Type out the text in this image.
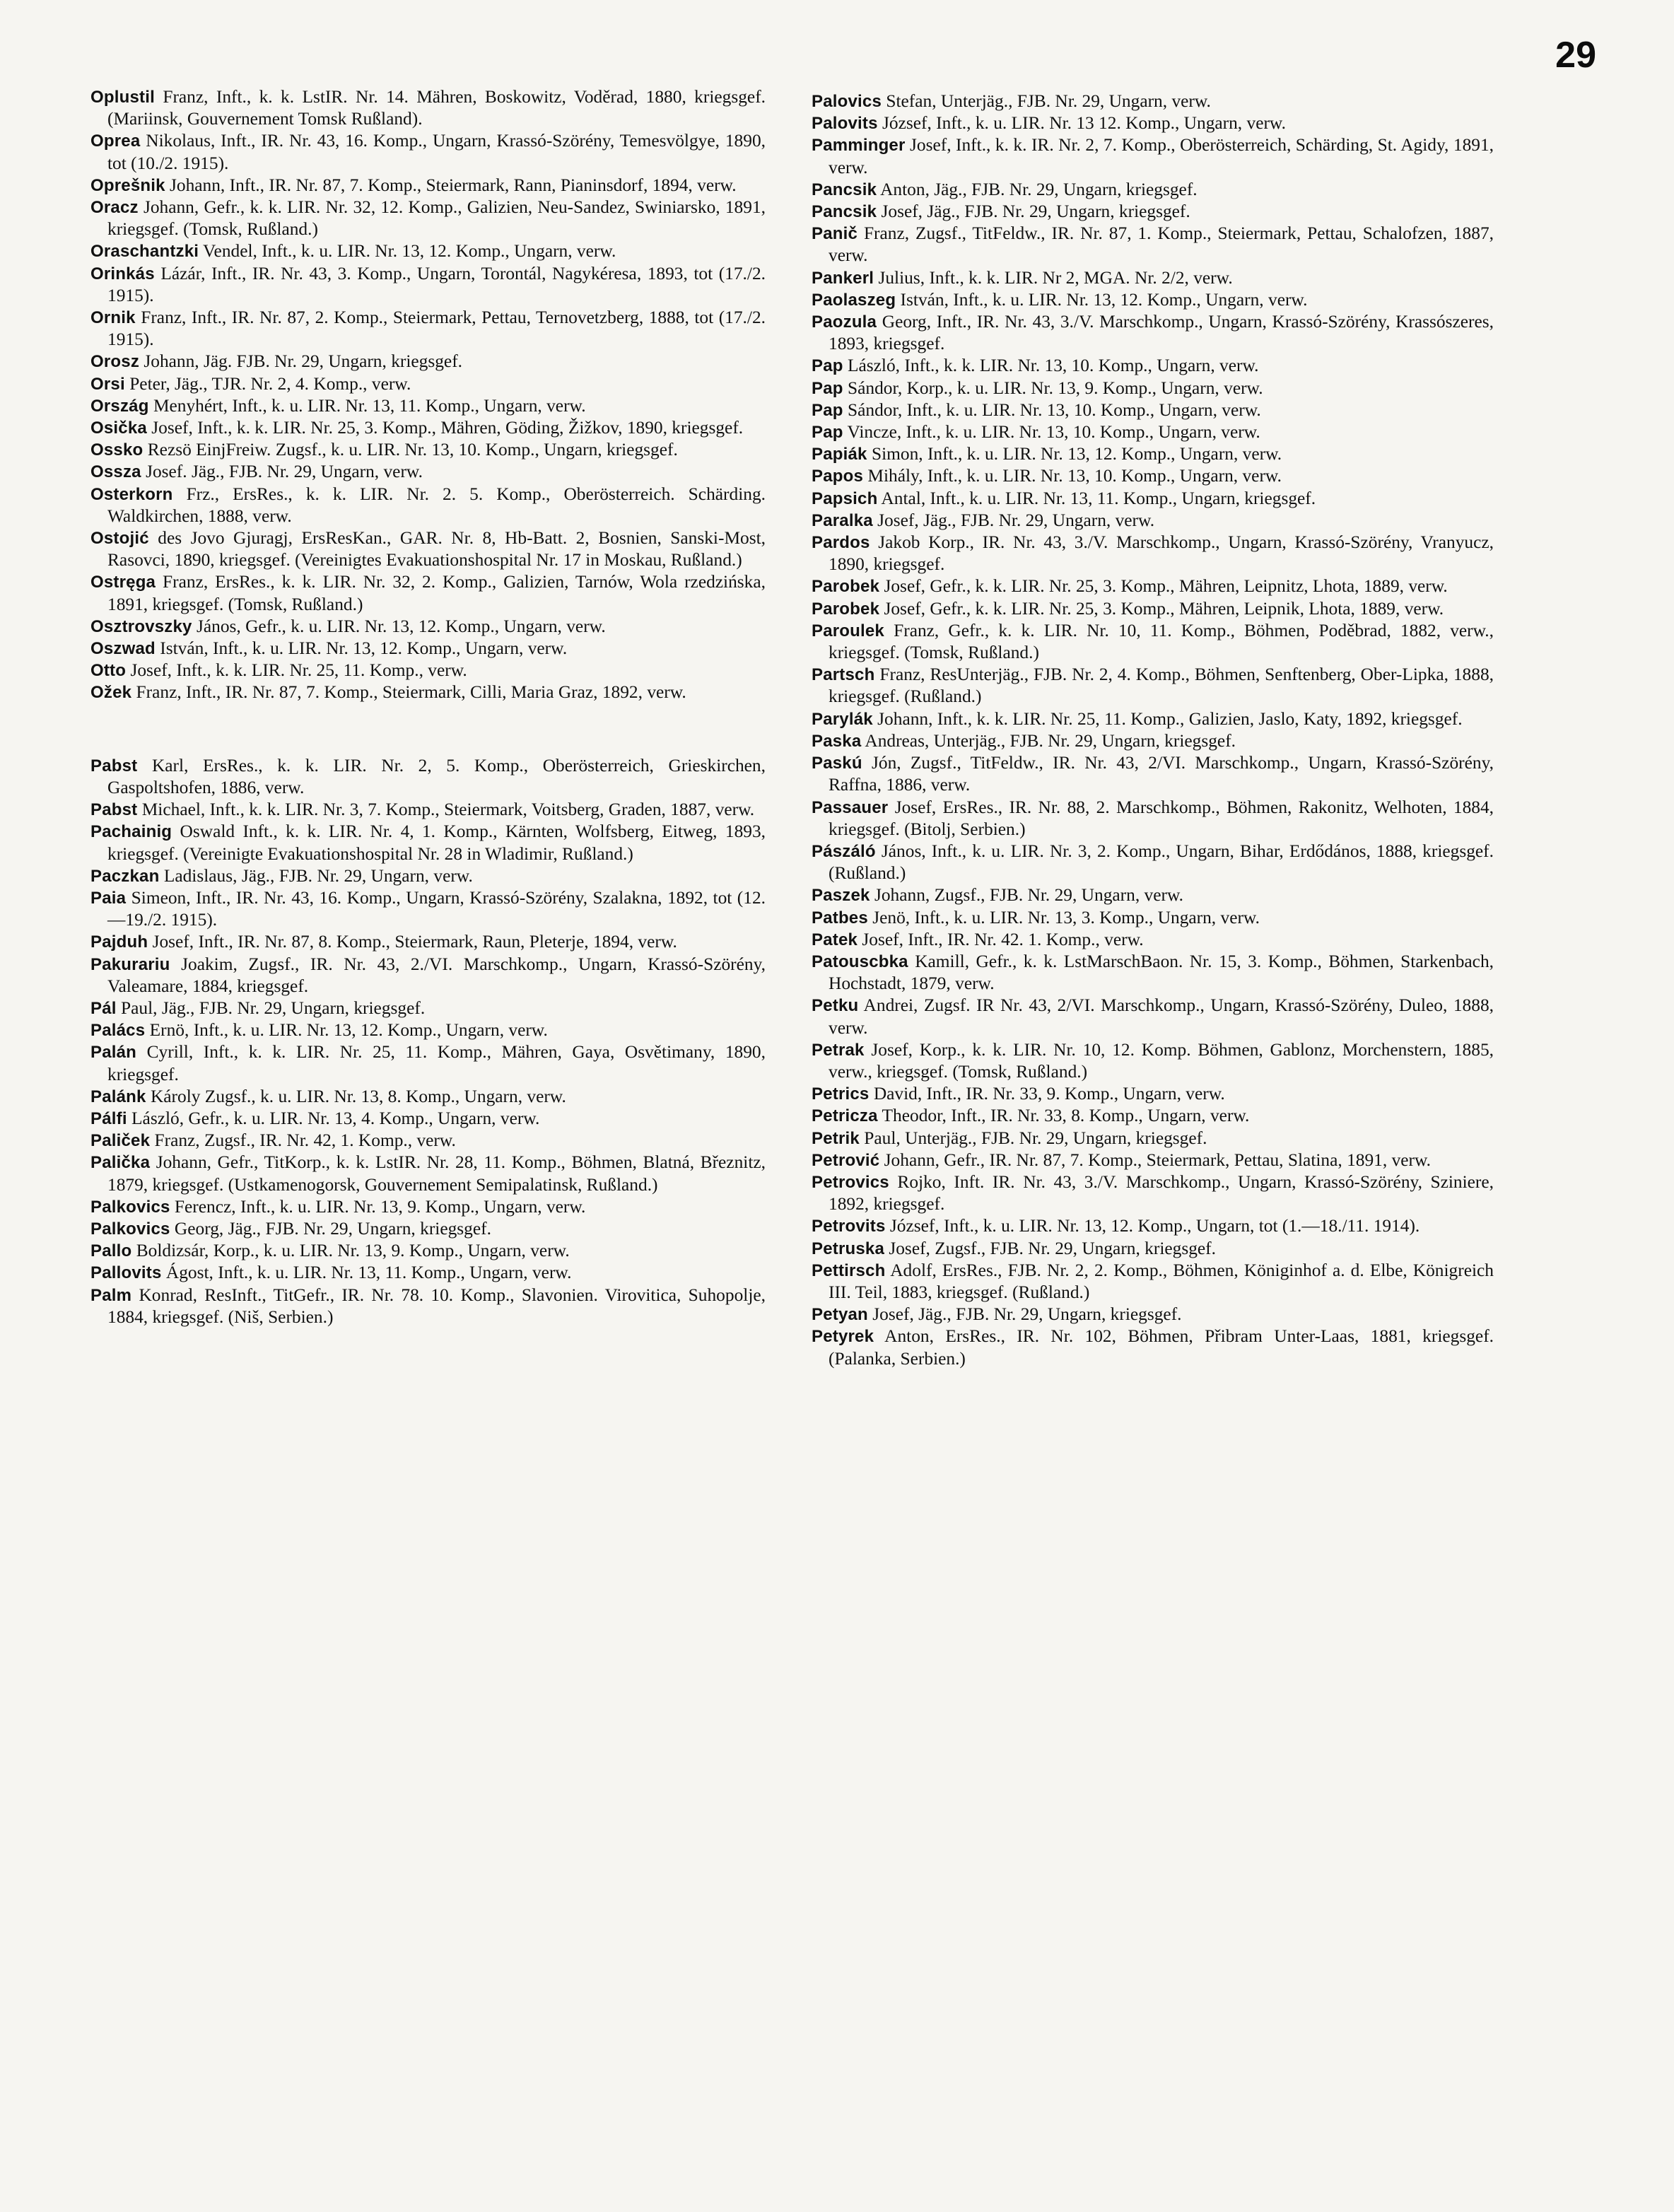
29

Oplustil Franz, Inft., k. k. LstIR. Nr. 14. Mähren, Boskowitz, Voděrad, 1880, kriegsgef. (Mariinsk, Gouvernement Tomsk Rußland).

Oprea Nikolaus, Inft., IR. Nr. 43, 16. Komp., Ungarn, Krassó-Szörény, Temesvölgye, 1890, tot (10./2. 1915).

Oprešnik Johann, Inft., IR. Nr. 87, 7. Komp., Steiermark, Rann, Pianinsdorf, 1894, verw.

Oracz Johann, Gefr., k. k. LIR. Nr. 32, 12. Komp., Galizien, Neu-Sandez, Swiniarsko, 1891, kriegsgef. (Tomsk, Rußland.)

Oraschantzki Vendel, Inft., k. u. LIR. Nr. 13, 12. Komp., Ungarn, verw.

Orinkás Lázár, Inft., IR. Nr. 43, 3. Komp., Ungarn, Torontál, Nagykéresa, 1893, tot (17./2. 1915).

Ornik Franz, Inft., IR. Nr. 87, 2. Komp., Steiermark, Pettau, Ternovetzberg, 1888, tot (17./2. 1915).

Orosz Johann, Jäg. FJB. Nr. 29, Ungarn, kriegsgef.

Orsi Peter, Jäg., TJR. Nr. 2, 4. Komp., verw.

Ország Menyhért, Inft., k. u. LIR. Nr. 13, 11. Komp., Ungarn, verw.

Osička Josef, Inft., k. k. LIR. Nr. 25, 3. Komp., Mähren, Göding, Žižkov, 1890, kriegsgef.

Ossko Rezsö EinjFreiw. Zugsf., k. u. LIR. Nr. 13, 10. Komp., Ungarn, kriegsgef.

Ossza Josef. Jäg., FJB. Nr. 29, Ungarn, verw.

Osterkorn Frz., ErsRes., k. k. LIR. Nr. 2. 5. Komp., Oberösterreich. Schärding. Waldkirchen, 1888, verw.

Ostojić des Jovo Gjuragj, ErsResKan., GAR. Nr. 8, Hb-Batt. 2, Bosnien, Sanski-Most, Rasovci, 1890, kriegsgef. (Vereinigtes Evakuationshospital Nr. 17 in Moskau, Rußland.)

Ostręga Franz, ErsRes., k. k. LIR. Nr. 32, 2. Komp., Galizien, Tarnów, Wola rzedzińska, 1891, kriegsgef. (Tomsk, Rußland.)

Osztrovszky János, Gefr., k. u. LIR. Nr. 13, 12. Komp., Ungarn, verw.

Oszwad István, Inft., k. u. LIR. Nr. 13, 12. Komp., Ungarn, verw.

Otto Josef, Inft., k. k. LIR. Nr. 25, 11. Komp., verw.

Ožek Franz, Inft., IR. Nr. 87, 7. Komp., Steiermark, Cilli, Maria Graz, 1892, verw.

Pabst Karl, ErsRes., k. k. LIR. Nr. 2, 5. Komp., Oberösterreich, Grieskirchen, Gaspoltshofen, 1886, verw.

Pabst Michael, Inft., k. k. LIR. Nr. 3, 7. Komp., Steiermark, Voitsberg, Graden, 1887, verw.

Pachainig Oswald Inft., k. k. LIR. Nr. 4, 1. Komp., Kärnten, Wolfsberg, Eitweg, 1893, kriegsgef. (Vereinigte Evakuationshospital Nr. 28 in Wladimir, Rußland.)

Paczkan Ladislaus, Jäg., FJB. Nr. 29, Ungarn, verw.

Paia Simeon, Inft., IR. Nr. 43, 16. Komp., Ungarn, Krassó-Szörény, Szalakna, 1892, tot (12.—19./2. 1915).

Pajduh Josef, Inft., IR. Nr. 87, 8. Komp., Steiermark, Raun, Pleterje, 1894, verw.

Pakurariu Joakim, Zugsf., IR. Nr. 43, 2./VI. Marschkomp., Ungarn, Krassó-Szörény, Valeamare, 1884, kriegsgef.

Pál Paul, Jäg., FJB. Nr. 29, Ungarn, kriegsgef.

Palács Ernö, Inft., k. u. LIR. Nr. 13, 12. Komp., Ungarn, verw.

Palán Cyrill, Inft., k. k. LIR. Nr. 25, 11. Komp., Mähren, Gaya, Osvětimany, 1890, kriegsgef.

Palánk Károly Zugsf., k. u. LIR. Nr. 13, 8. Komp., Ungarn, verw.

Pálfi László, Gefr., k. u. LIR. Nr. 13, 4. Komp., Ungarn, verw.

Paliček Franz, Zugsf., IR. Nr. 42, 1. Komp., verw.

Palička Johann, Gefr., TitKorp., k. k. LstIR. Nr. 28, 11. Komp., Böhmen, Blatná, Březnitz, 1879, kriegsgef. (Ustkamenogorsk, Gouvernement Semipalatinsk, Rußland.)

Palkovics Ferencz, Inft., k. u. LIR. Nr. 13, 9. Komp., Ungarn, verw.

Palkovics Georg, Jäg., FJB. Nr. 29, Ungarn, kriegsgef.

Pallo Boldizsár, Korp., k. u. LIR. Nr. 13, 9. Komp., Ungarn, verw.

Pallovits Ágost, Inft., k. u. LIR. Nr. 13, 11. Komp., Ungarn, verw.

Palm Konrad, ResInft., TitGefr., IR. Nr. 78. 10. Komp., Slavonien. Virovitica, Suhopolje, 1884, kriegsgef. (Niš, Serbien.)

Palovics Stefan, Unterjäg., FJB. Nr. 29, Ungarn, verw.

Palovits József, Inft., k. u. LIR. Nr. 13 12. Komp., Ungarn, verw.

Pamminger Josef, Inft., k. k. IR. Nr. 2, 7. Komp., Oberösterreich, Schärding, St. Agidy, 1891, verw.

Pancsik Anton, Jäg., FJB. Nr. 29, Ungarn, kriegsgef.

Pancsik Josef, Jäg., FJB. Nr. 29, Ungarn, kriegsgef.

Panič Franz, Zugsf., TitFeldw., IR. Nr. 87, 1. Komp., Steiermark, Pettau, Schalofzen, 1887, verw.

Pankerl Julius, Inft., k. k. LIR. Nr 2, MGA. Nr. 2/2, verw.

Paolaszeg István, Inft., k. u. LIR. Nr. 13, 12. Komp., Ungarn, verw.

Paozula Georg, Inft., IR. Nr. 43, 3./V. Marschkomp., Ungarn, Krassó-Szörény, Krassószeres, 1893, kriegsgef.

Pap László, Inft., k. k. LIR. Nr. 13, 10. Komp., Ungarn, verw.

Pap Sándor, Korp., k. u. LIR. Nr. 13, 9. Komp., Ungarn, verw.

Pap Sándor, Inft., k. u. LIR. Nr. 13, 10. Komp., Ungarn, verw.

Pap Vincze, Inft., k. u. LIR. Nr. 13, 10. Komp., Ungarn, verw.

Papiák Simon, Inft., k. u. LIR. Nr. 13, 12. Komp., Ungarn, verw.

Papos Mihály, Inft., k. u. LIR. Nr. 13, 10. Komp., Ungarn, verw.

Papsich Antal, Inft., k. u. LIR. Nr. 13, 11. Komp., Ungarn, kriegsgef.

Paralka Josef, Jäg., FJB. Nr. 29, Ungarn, verw.

Pardos Jakob Korp., IR. Nr. 43, 3./V. Marschkomp., Ungarn, Krassó-Szörény, Vranyucz, 1890, kriegsgef.

Parobek Josef, Gefr., k. k. LIR. Nr. 25, 3. Komp., Mähren, Leipnitz, Lhota, 1889, verw.

Parobek Josef, Gefr., k. k. LIR. Nr. 25, 3. Komp., Mähren, Leipnik, Lhota, 1889, verw.

Paroulek Franz, Gefr., k. k. LIR. Nr. 10, 11. Komp., Böhmen, Poděbrad, 1882, verw., kriegsgef. (Tomsk, Rußland.)

Partsch Franz, ResUnterjäg., FJB. Nr. 2, 4. Komp., Böhmen, Senftenberg, Ober-Lipka, 1888, kriegsgef. (Rußland.)

Parylák Johann, Inft., k. k. LIR. Nr. 25, 11. Komp., Galizien, Jaslo, Katy, 1892, kriegsgef.

Paska Andreas, Unterjäg., FJB. Nr. 29, Ungarn, kriegsgef.

Paskú Jón, Zugsf., TitFeldw., IR. Nr. 43, 2/VI. Marschkomp., Ungarn, Krassó-Szörény, Raffna, 1886, verw.

Passauer Josef, ErsRes., IR. Nr. 88, 2. Marschkomp., Böhmen, Rakonitz, Welhoten, 1884, kriegsgef. (Bitolj, Serbien.)

Pászáló János, Inft., k. u. LIR. Nr. 3, 2. Komp., Ungarn, Bihar, Erdődános, 1888, kriegsgef. (Rußland.)

Paszek Johann, Zugsf., FJB. Nr. 29, Ungarn, verw.

Patbes Jenö, Inft., k. u. LIR. Nr. 13, 3. Komp., Ungarn, verw.

Patek Josef, Inft., IR. Nr. 42. 1. Komp., verw.

Patouscbka Kamill, Gefr., k. k. LstMarschBaon. Nr. 15, 3. Komp., Böhmen, Starkenbach, Hochstadt, 1879, verw.

Petku Andrei, Zugsf. IR Nr. 43, 2/VI. Marschkomp., Ungarn, Krassó-Szörény, Duleo, 1888, verw.

Petrak Josef, Korp., k. k. LIR. Nr. 10, 12. Komp. Böhmen, Gablonz, Morchenstern, 1885, verw., kriegsgef. (Tomsk, Rußland.)

Petrics David, Inft., IR. Nr. 33, 9. Komp., Ungarn, verw.

Petricza Theodor, Inft., IR. Nr. 33, 8. Komp., Ungarn, verw.

Petrik Paul, Unterjäg., FJB. Nr. 29, Ungarn, kriegsgef.

Petrović Johann, Gefr., IR. Nr. 87, 7. Komp., Steiermark, Pettau, Slatina, 1891, verw.

Petrovics Rojko, Inft. IR. Nr. 43, 3./V. Marschkomp., Ungarn, Krassó-Szörény, Sziniere, 1892, kriegsgef.

Petrovits József, Inft., k. u. LIR. Nr. 13, 12. Komp., Ungarn, tot (1.—18./11. 1914).

Petruska Josef, Zugsf., FJB. Nr. 29, Ungarn, kriegsgef.

Pettirsch Adolf, ErsRes., FJB. Nr. 2, 2. Komp., Böhmen, Königinhof a. d. Elbe, Königreich III. Teil, 1883, kriegsgef. (Rußland.)

Petyan Josef, Jäg., FJB. Nr. 29, Ungarn, kriegsgef.

Petyrek Anton, ErsRes., IR. Nr. 102, Böhmen, Přibram Unter-Laas, 1881, kriegsgef. (Palanka, Serbien.)
